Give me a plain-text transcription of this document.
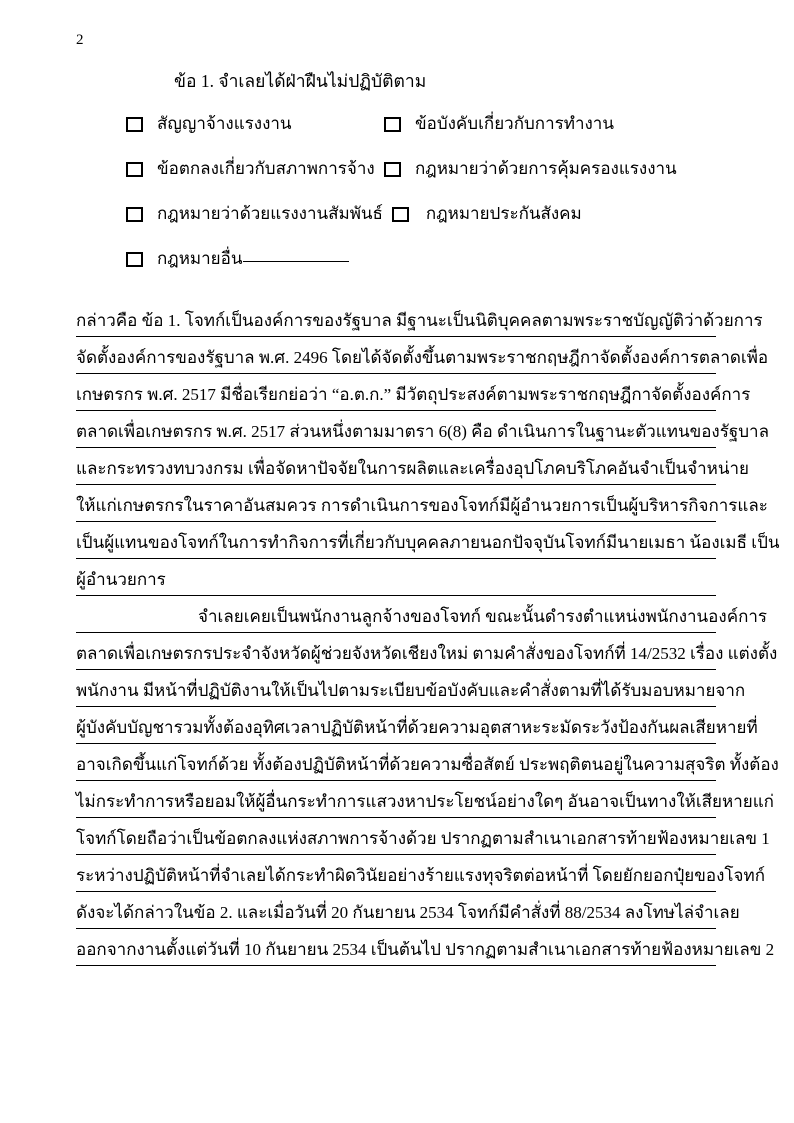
2
ข้อ 1. จำเลยได้ฝ่าฝืนไม่ปฏิบัติตาม
สัญญาจ้างแรงงาน	ข้อบังคับเกี่ยวกับการทำงาน
ข้อตกลงเกี่ยวกับสภาพการจ้าง กฎหมายว่าด้วยการคุ้มครองแรงงาน
กฎหมายว่าด้วยแรงงานสัมพันธ์	กฎหมายประกันสังคม
กฎหมายอื่น
กล่าวคือ ข้อ 1. โจทก์เป็นองค์การของรัฐบาล มีฐานะเป็นนิติบุคคลตามพระราชบัญญัติว่าด้วยการ
จัดตั้งองค์การของรัฐบาล พ.ศ. 2496 โดยได้จัดตั้งขึ้นตามพระราชกฤษฎีกาจัดตั้งองค์การตลาดเพื่อ
เกษตรกร พ.ศ. 2517 มีชื่อเรียกย่อว่า “อ.ต.ก.” มีวัตถุประสงค์ตามพระราชกฤษฎีกาจัดตั้งองค์การ
ตลาดเพื่อเกษตรกร พ.ศ. 2517 ส่วนหนึ่งตามมาตรา 6(8) คือ ดำเนินการในฐานะตัวแทนของรัฐบาล
และกระทรวงทบวงกรม เพื่อจัดหาปัจจัยในการผลิตและเครื่องอุปโภคบริโภคอันจำเป็นจำหน่าย
ให้แก่เกษตรกรในราคาอันสมควร การดำเนินการของโจทก์มีผู้อำนวยการเป็นผู้บริหารกิจการและ
เป็นผู้แทนของโจทก์ในการทำกิจการที่เกี่ยวกับบุคคลภายนอกปัจจุบันโจทก์มีนายเมธา น้องเมธี เป็น
ผู้อำนวยการ
จำเลยเคยเป็นพนักงานลูกจ้างของโจทก์ ขณะนั้นดำรงตำแหน่งพนักงานองค์การ
ตลาดเพื่อเกษตรกรประจำจังหวัดผู้ช่วยจังหวัดเชียงใหม่ ตามคำสั่งของโจทก์ที่ 14/2532 เรื่อง แต่งตั้ง
พนักงาน มีหน้าที่ปฏิบัติงานให้เป็นไปตามระเบียบข้อบังคับและคำสั่งตามที่ได้รับมอบหมายจาก
ผู้บังคับบัญชารวมทั้งต้องอุทิศเวลาปฏิบัติหน้าที่ด้วยความอุตสาหะระมัดระวังป้องกันผลเสียหายที่
อาจเกิดขึ้นแก่โจทก์ด้วย ทั้งต้องปฏิบัติหน้าที่ด้วยความซื่อสัตย์ ประพฤติตนอยู่ในความสุจริต ทั้งต้อง
ไม่กระทำการหรือยอมให้ผู้อื่นกระทำการแสวงหาประโยชน์อย่างใดๆ อันอาจเป็นทางให้เสียหายแก่
โจทก์โดยถือว่าเป็นข้อตกลงแห่งสภาพการจ้างด้วย ปรากฏตามสำเนาเอกสารท้ายฟ้องหมายเลข 1
ระหว่างปฏิบัติหน้าที่จำเลยได้กระทำผิดวินัยอย่างร้ายแรงทุจริตต่อหน้าที่ โดยยักยอกปุ๋ยของโจทก์
ดังจะได้กล่าวในข้อ 2. และเมื่อวันที่ 20 กันยายน 2534 โจทก์มีคำสั่งที่ 88/2534 ลงโทษไล่จำเลย
ออกจากงานตั้งแต่วันที่ 10 กันยายน 2534 เป็นต้นไป ปรากฏตามสำเนาเอกสารท้ายฟ้องหมายเลข 2
